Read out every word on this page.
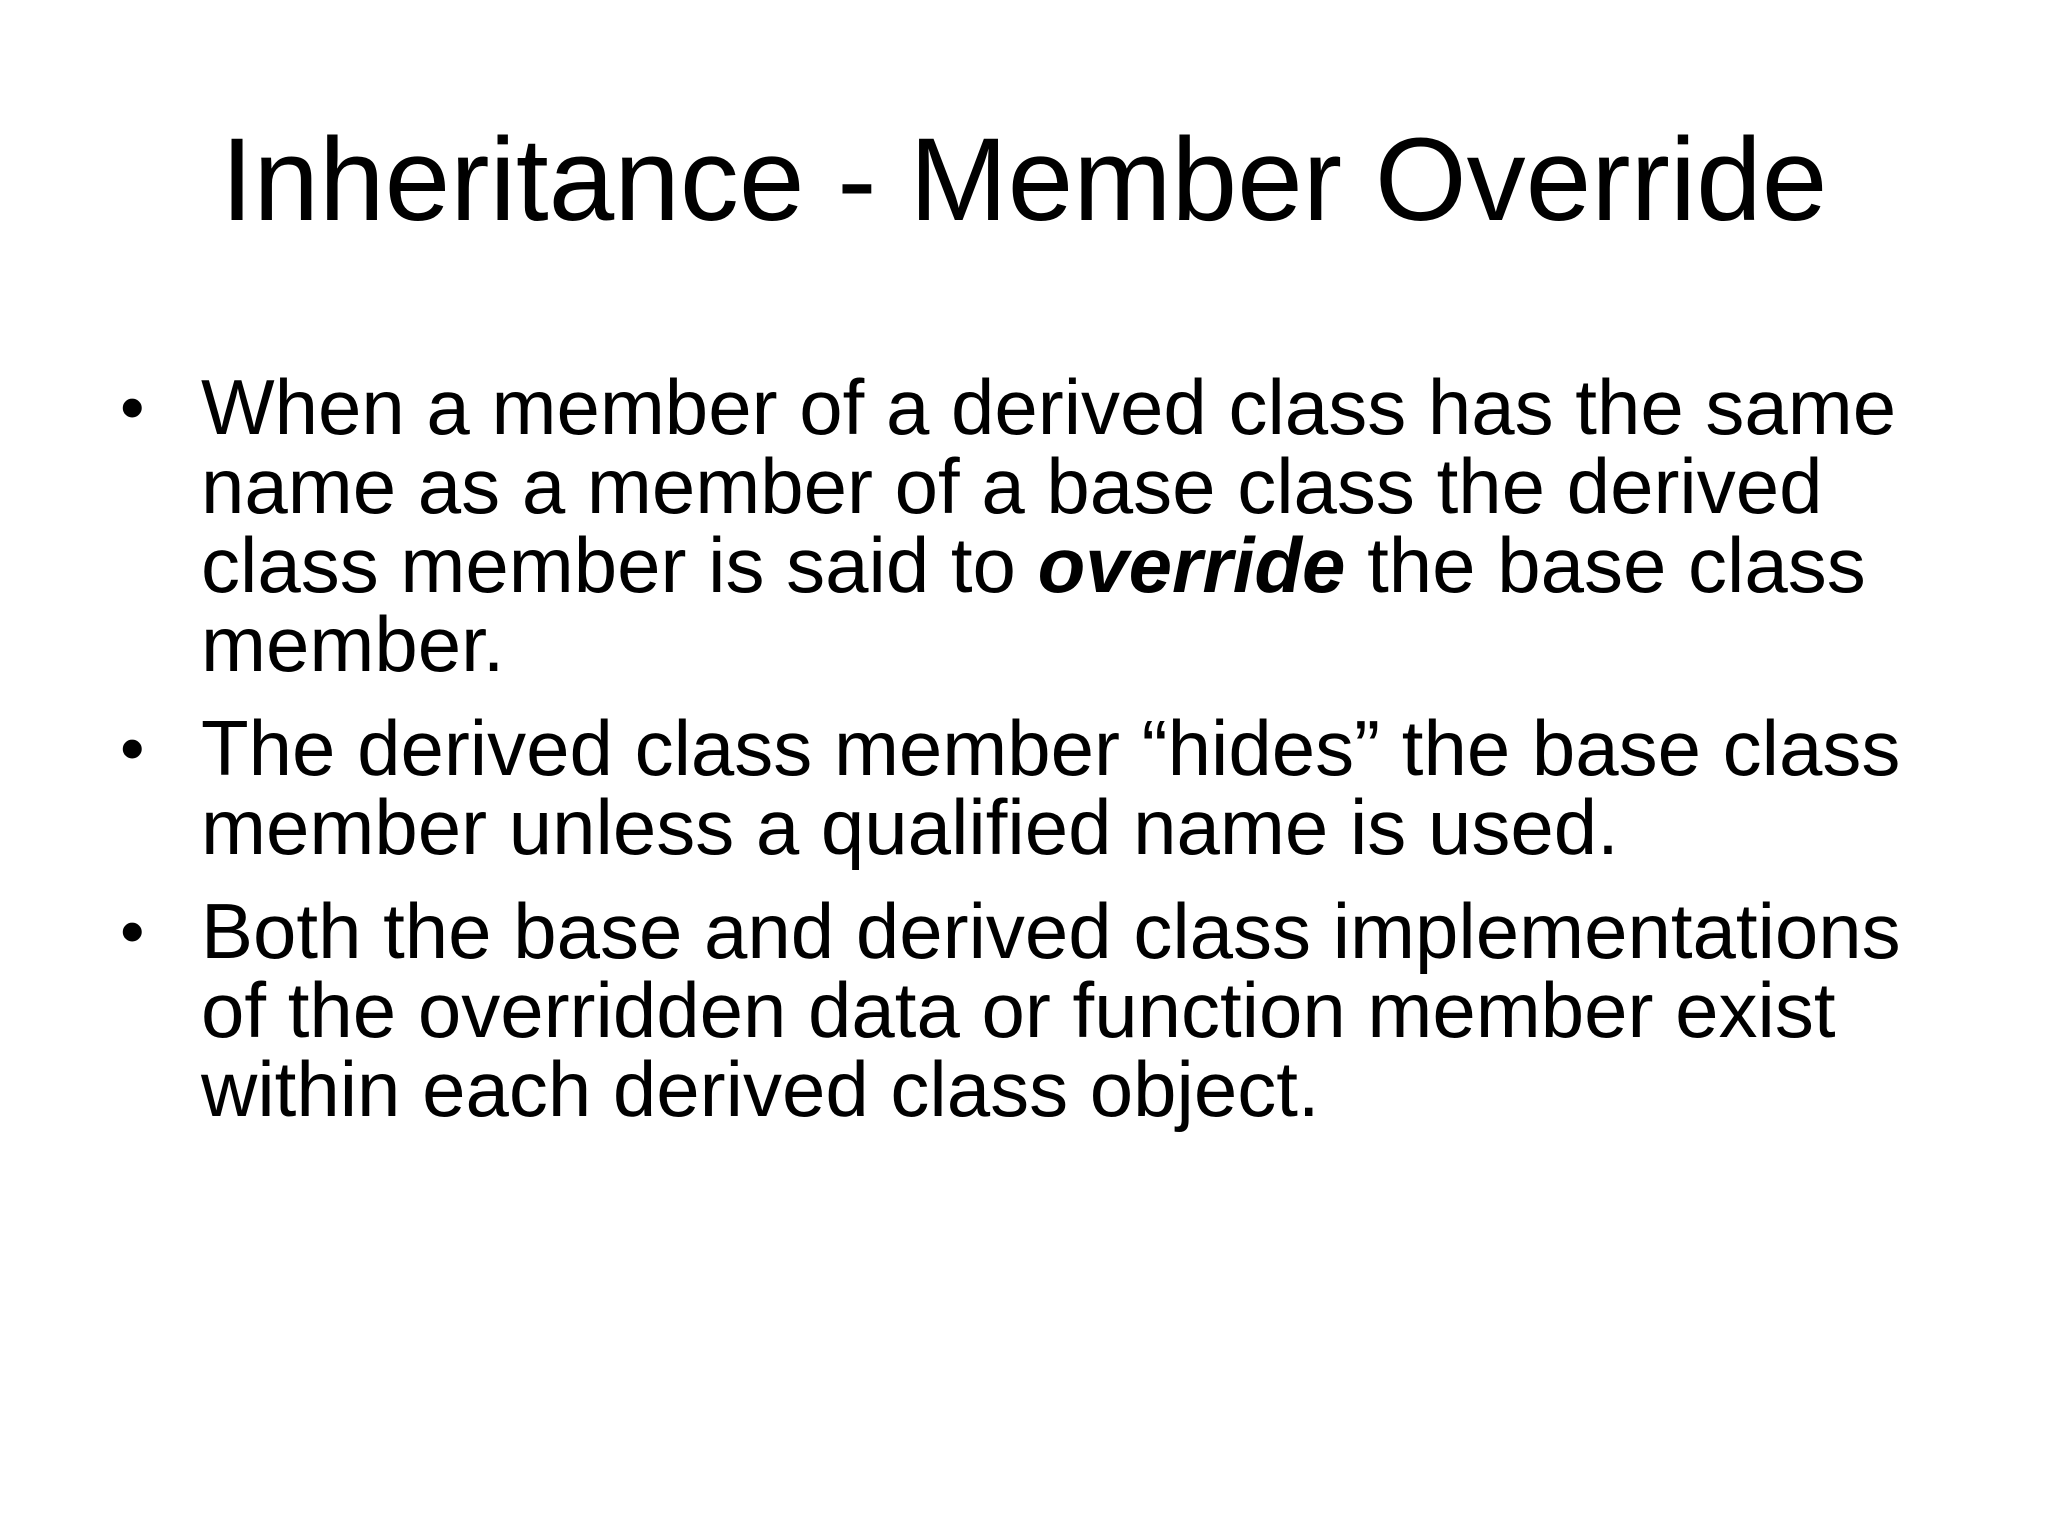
Inheritance - Member Override
• When a member of a derived class has the same name as a member of a base class the derived class member is said to override the base class member.
• The derived class member “hides” the base class member unless a qualified name is used.
• Both the base and derived class implementations of the overridden data or function member exist within each derived class object.
